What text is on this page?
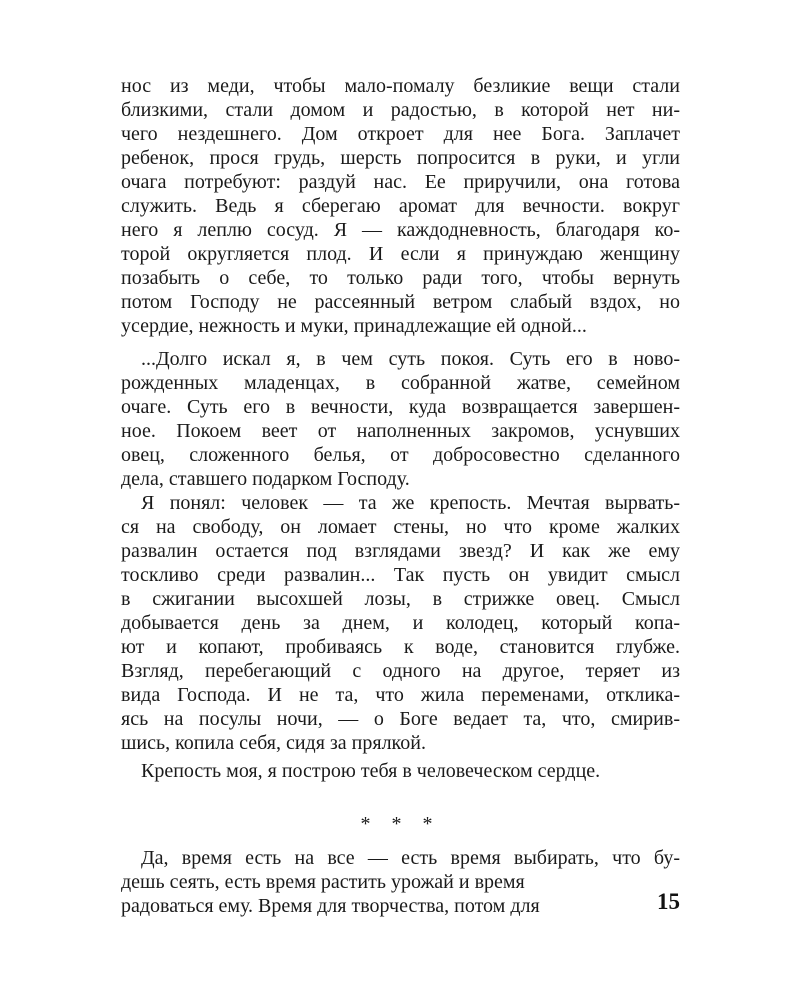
нос из меди, чтобы мало-помалу безликие вещи стали
близкими, стали домом и радостью, в которой нет ни-
чего нездешнего. Дом откроет для нее Бога. Заплачет
ребенок, прося грудь, шерсть попросится в руки, и угли
очага потребуют: раздуй нас. Ее приручили, она готова
служить. Ведь я сберегаю аромат для вечности. вокруг
него я леплю сосуд. Я — каждодневность, благодаря ко-
торой округляется плод. И если я принуждаю женщину
позабыть о себе, то только ради того, чтобы вернуть
потом Господу не рассеянный ветром слабый вздох, но
усердие, нежность и муки, принадлежащие ей одной...
...Долго искал я, в чем суть покоя. Суть его в ново-
рожденных младенцах, в собранной жатве, семейном
очаге. Суть его в вечности, куда возвращается завершен-
ное. Покоем веет от наполненных закромов, уснувших
овец, сложенного белья, от добросовестно сделанного
дела, ставшего подарком Господу.
Я понял: человек — та же крепость. Мечтая вырвать-
ся на свободу, он ломает стены, но что кроме жалких
развалин остается под взглядами звезд? И как же ему
тоскливо среди развалин... Так пусть он увидит смысл
в сжигании высохшей лозы, в стрижке овец. Смысл
добывается день за днем, и колодец, который копа-
ют и копают, пробиваясь к воде, становится глубже.
Взгляд, перебегающий с одного на другое, теряет из
вида Господа. И не та, что жила переменами, отклика-
ясь на посулы ночи, — о Боге ведает та, что, смирив-
шись, копила себя, сидя за прялкой.
Крепость моя, я построю тебя в человеческом сердце.
* * *
Да, время есть на все — есть время выбирать, что бу-
дешь сеять, есть время растить урожай и время
радоваться ему. Время для творчества, потом для	15
